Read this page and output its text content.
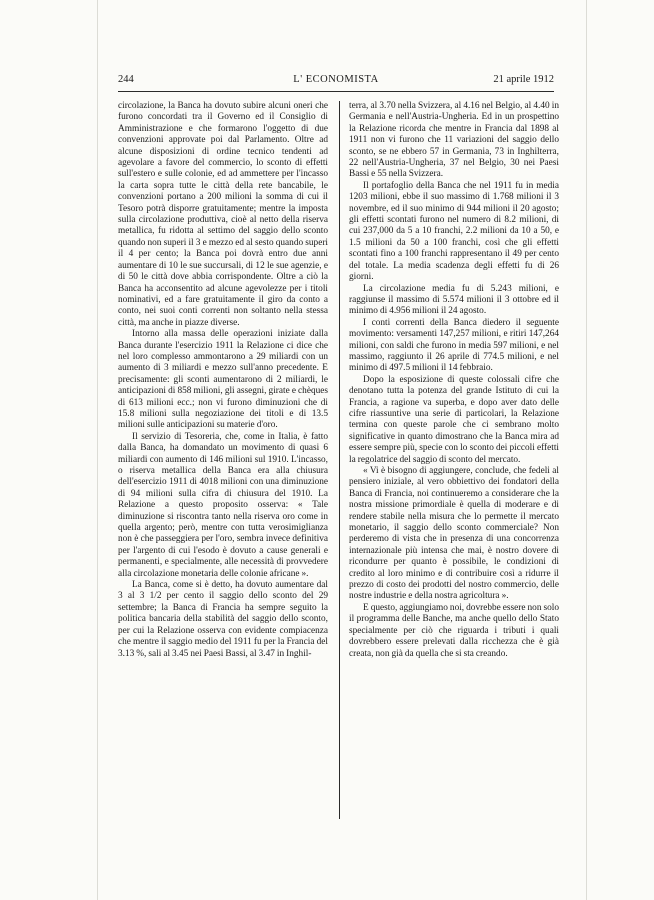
244	L' ECONOMISTA	21 aprile 1912

circolazione, la Banca ha dovuto subire alcuni oneri che furono concordati tra il Governo ed il Consiglio di Amministrazione e che formarono l'oggetto di due convenzioni approvate poi dal Parlamento. Oltre ad alcune disposizioni di ordine tecnico tendenti ad agevolare a favore del commercio, lo sconto di effetti sull'estero e sulle colonie, ed ad ammettere per l'incasso la carta sopra tutte le città della rete bancabile, le convenzioni portano a 200 milioni la somma di cui il Tesoro potrà disporre gratuitamente; mentre la imposta sulla circolazione produttiva, cioè al netto della riserva metallica, fu ridotta al settimo del saggio dello sconto quando non superi il 3 e mezzo ed al sesto quando superi il 4 per cento; la Banca poi dovrà entro due anni aumentare di 10 le sue succursali, di 12 le sue agenzie, e di 50 le città dove abbia corrispondente. Oltre a ciò la Banca ha acconsentito ad alcune agevolezze per i titoli nominativi, ed a fare gratuitamente il giro da conto a conto, nei suoi conti correnti non soltanto nella stessa città, ma anche in piazze diverse.

Intorno alla massa delle operazioni iniziate dalla Banca durante l'esercizio 1911 la Relazione ci dice che nel loro complesso ammontarono a 29 miliardi con un aumento di 3 miliardi e mezzo sull'anno precedente. E precisamente: gli sconti aumentarono di 2 miliardi, le anticipazioni di 858 milioni, gli assegni, girate e chèques di 613 milioni ecc.; non vi furono diminuzioni che di 15.8 milioni sulla negoziazione dei titoli e di 13.5 milioni sulle anticipazioni su materie d'oro.

Il servizio di Tesoreria, che, come in Italia, è fatto dalla Banca, ha domandato un movimento di quasi 6 miliardi con aumento di 146 milioni sul 1910. L'incasso, o riserva metallica della Banca era alla chiusura dell'esercizio 1911 di 4018 milioni con una diminuzione di 94 milioni sulla cifra di chiusura del 1910. La Relazione a questo proposito osserva: « Tale diminuzione si riscontra tanto nella riserva oro come in quella argento; però, mentre con tutta verosimiglianza non è che passeggiera per l'oro, sembra invece definitiva per l'argento di cui l'esodo è dovuto a cause generali e permanenti, e specialmente, alle necessità di provvedere alla circolazione monetaria delle colonie africane ».

La Banca, come si è detto, ha dovuto aumentare dal 3 al 3 1/2 per cento il saggio dello sconto del 29 settembre; la Banca di Francia ha sempre seguito la politica bancaria della stabilità del saggio dello sconto, per cui la Relazione osserva con evidente compiacenza che mentre il saggio medio del 1911 fu per la Francia del 3.13 %, sali al 3.45 nei Paesi Bassi, al 3.47 in Inghil-

terra, al 3.70 nella Svizzera, al 4.16 nel Belgio, al 4.40 in Germania e nell'Austria-Ungheria. Ed in un prospettino la Relazione ricorda che mentre in Francia dal 1898 al 1911 non vi furono che 11 variazioni del saggio dello sconto, se ne ebbero 57 in Germania, 73 in Inghilterra, 22 nell'Austria-Ungheria, 37 nel Belgio, 30 nei Paesi Bassi e 55 nella Svizzera.

Il portafoglio della Banca che nel 1911 fu in media 1203 milioni, ebbe il suo massimo di 1.768 milioni il 3 novembre, ed il suo minimo di 944 milioni il 20 agosto; gli effetti scontati furono nel numero di 8.2 milioni, di cui 237,000 da 5 a 10 franchi, 2.2 milioni da 10 a 50, e 1.5 milioni da 50 a 100 franchi, così che gli effetti scontati fino a 100 franchi rappresentano il 49 per cento del totale. La media scadenza degli effetti fu di 26 giorni.

La circolazione media fu di 5.243 milioni, e raggiunse il massimo di 5.574 milioni il 3 ottobre ed il minimo di 4.956 milioni il 24 agosto.

I conti correnti della Banca diedero il seguente movimento: versamenti 147,257 milioni, e ritiri 147,264 milioni, con saldi che furono in media 597 milioni, e nel massimo, raggiunto il 26 aprile di 774.5 milioni, e nel minimo di 497.5 milioni il 14 febbraio.

Dopo la esposizione di queste colossali cifre che denotano tutta la potenza del grande Istituto di cui la Francia, a ragione va superba, e dopo aver dato delle cifre riassuntive una serie di particolari, la Relazione termina con queste parole che ci sembrano molto significative in quanto dimostrano che la Banca mira ad essere sempre più, specie con lo sconto dei piccoli effetti la regolatrice del saggio di sconto del mercato.

« Vi è bisogno di aggiungere, conclude, che fedeli al pensiero iniziale, al vero obbiettivo dei fondatori della Banca di Francia, noi continueremo a considerare che la nostra missione primordiale è quella di moderare e di rendere stabile nella misura che lo permette il mercato monetario, il saggio dello sconto commerciale? Non perderemo di vista che in presenza di una concorrenza internazionale più intensa che mai, è nostro dovere di ricondurre per quanto è possibile, le condizioni di credito al loro minimo e di contribuire così a ridurre il prezzo di costo dei prodotti del nostro commercio, delle nostre industrie e della nostra agricoltura ».

E questo, aggiungiamo noi, dovrebbe essere non solo il programma delle Banche, ma anche quello dello Stato specialmente per ciò che riguarda i tributi i quali dovrebbero essere prelevati dalla ricchezza che è già creata, non già da quella che si sta creando.
